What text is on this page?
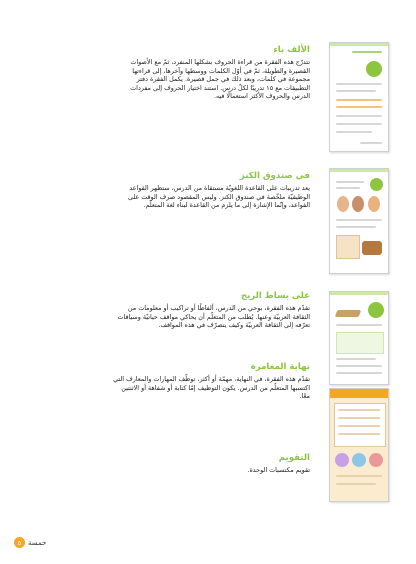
الألف باء
تتدرّج هذه الفقرة من قراءة الحروف بشكلها المنفرد، ثمّ مع الأصوات القصيرة والطويلة، ثمّ في أوّل الكلمات ووسطها وآخرها، إلى قراءتها مجموعة في كلمات، وبعد ذلك في جمل قصيرة. يكمل الفقرة دفتر التطبيقات مع ١٥ تدريبًا لكلّ درس. استند اختيار الحروف إلى مفردات الدرس والحروف الأكثر استعمالًا فيه.
في صندوق الكنز
يعد تدريبات على القاعدة اللغويّة مستقاة من الدرس، ستظهر القواعد الوظيفيّة ملخّصة في صندوق الكنز. وليس المقصود صرف الوقت على القواعد، وإنّما الإشارة إلى ما يلزم من القاعدة لبناء لغة المتعلّم.
على بساط الريح
تقدّم هذه الفقرة، بوحي من الدرس، ألفاظًا أو تراكيب أو معلومات من الثقافة العربيّة وعنها. يُطلب من المتعلّم أن يحاكي مواقف حياتيّة وسياقات تعرّفه إلى الثقافة العربيّة وكيف يتصرّف في هذه المواقف.
نهاية المغامرة
تقدّم هذه الفقرة، في النهاية، مهمّة أو أكثر، توظّف المهارات والمعارف التي اكتسبها المتعلّم من الدرس. يكون التوظيف إمّا كتابة أو شفاهة أو الاثنتين معًا.
التقويم
تقويم مكتسبات الوحدة.
خمسة
٥
